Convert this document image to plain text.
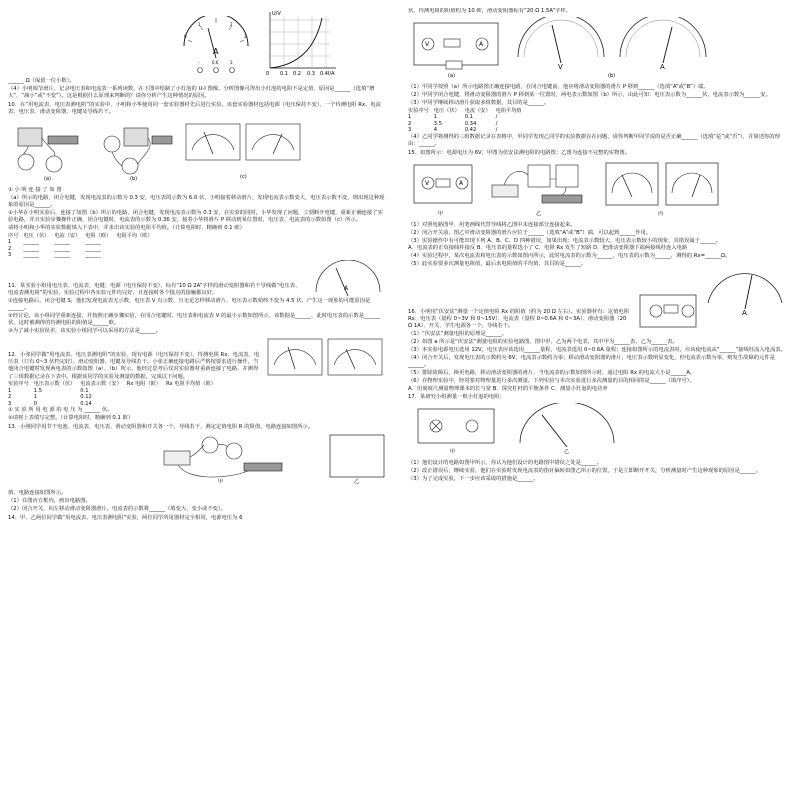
A
0
1	2
3
-	0.6	3
U/V
I/A
0 0.1 0.2 0.3 0.4

______ Ω（保留一位小数）。

（4）小明调节滑片，记录电压表和电流表一系列读数，在下图中绘制了小灯泡的 U-I 图像。分析图像可得出小灯泡的电阻不是定值，原因是______（选填“增大”、“减小”或“不变”）。这是根据什么原理来判断的？请你分析产生这种情况的原因。

10．在“用电流表、电压表测电阻”的实验中，小明和小华使用同一套实验器材先后进行实验。该套实验器材包括电源（电压保持不变）、一个待测电阻 Rx、电流表、电压表、滑动变阻器、电键及导线若干。

(a)	(b)	(c)

① 小 明 连 接 了 如 图

（a）所示的电路，闭合电键，发现电流表的示数为 0.3 安，电压表的示数为 6.0 伏，小明接着移动滑片，发现电流表示数变大，电压表示数不变，则出现这种现象的原因是______。

②小华在小明实验后，连接了如图（b）所示的电路，闭合电键，发现电流表示数为 0.3 安，在实验的同时，小华发现了问题，立刻断开电键，重新正确连接了实验电路，并且实验步骤操作正确，闭合电键时，电流表的示数为 0.36 安，接着小华将滑片 P 移动到某位置时，电压表、电流表的示数如图（c）所示。

请将小明和小华的实验数据填入下表中，并求出该实验的电阻平均值。（计算电阻时，精确到 0.1 欧）

序号	电压（伏）	电流（安）	电阻（欧）	电阻平均（欧）
1	______	______	______	
2	______	______	______	
3	______	______	______	

11．某实验小组用电压表、电流表、电键、电源（电压保持不变）、标有“10 Ω 2A”字样的滑动变阻器和若干导线做“电压表、电流表测电阻”的实验，实验过程中各实验元件均完好，且连接时各个接点的接触都良好。

A

①连接电路后，闭合电键 S，他们发现电流表无示数，电压表 V 有示数，且无论怎样移动滑片，电压表示数始终不变为 4.5 伏，产生这一现象的可能原因是______。

②经讨论，该小组同学重新连接，并按照正确步骤实验，在闭合电键时，电压表和电流表 V 的最小示数如图所示，该数据是______，此时电压表的示数是______伏，这时被测得的待测电阻的阻值是______欧。

③为了减小实验误差，该实验小组同学可以采用的方法是______。

12．小张同学做“用电流表、电压表测电阻”的实验，现有电源（电压保持不变）、待测电阻 Rx、电流表、电压表（只有 0~3 伏档完好）、滑动变阻器、电键及导线若干。小张正确连接电路后严格按要求进行操作，当他闭合电键时发现两电表的示数如图（a）、（b）所示，他经过思考后仅对实验器材重新连接了电路，并测得了三组数据记录在下表中。根据该同学的实验及测量的数据，完成以下问题。

实验序号	电压表示数（伏）	电流表示数（安）	Rx 电阻（欧）	Rx 电阻平均值（欧）
1	1.5	0.1		
2	1	0.12		
3	0	0.14		

① 实 验 所 用 电 源 的 电 压 为 ______ 伏。

②请将上表填写完整。（计算电阻时，精确到 0.1 欧）

13．小刚同学用节干电池、电流表、电压表、滑动变阻器和开关各一个，导线若干，测定定值电阻 R 的阻值，电路连接如图所示。

甲	乙

值，电路连接如图所示。

（1）在图丙方框内，画出电路图。

（2）闭合开关，向左移动滑动变阻器滑片，电流表的示数将______（填变大、变小或不变）。

14．甲、乙两位同学做“用电流表、电压表测电阻”实验，两位同学所用器材完全相同，电源电压为 6

伏，待测电阻的阻值约为 10 欧，滑动变阻器标有“20 Ω 1.5A”字样。

V	A
(a)
V	A
(b)

（1）甲同学按照（a）所示电路图正确连接电路，在闭合电键前，他应将滑动变阻器的滑片 P 移到______（选填“A”或“B”）端。

（2）甲同学闭合电键，将滑动变阻器的滑片 P 移到某一位置时，两电表示数如图（b）所示，由此可知：电压表示数为______伏，电流表示数为______安。

（3）甲同学继续移动滑片获取多组数据，其目的是______。

实验序号	电压（伏）	电流（安）	电阻平均值
1	1	0.1	/
2	3.5	0.34	/
3	4	0.42	/

（4）乙同学将测得的三组数据记录在表格中，甲同学发现乙同学的实验数据存在问题，请你判断甲同学说的是否正确______（选填“是”或“否”），并简述你的理由：______。

15．如图所示：电源电压为 6V，甲图为伏安法测电阻的电路图；乙图为连接不完整的实物图。

V	A
甲	乙	丙

（1）对照电路图甲，用笔画线代替导线将乙图中未连接部分连接起来。

（2）闭合开关前，图乙中滑动变阻器的滑片应位于______（选填“A”或“B”）端，可以起到______作用。

（3）实验操作中有可能出现下列 A、B、C、D 四种错误，如果出现：电流表示数较大，电压表示数较小的现象，其错误属于______。

A．电流表的正负接线柱接反 B．电压表的量程选小了 C．电阻 Rx 发生了短路 D．把滑动变阻器下端两接线柱连入电路

（4）实验过程中，某次电流表和电压表的示数如图丙所示，此时电流表的示数为______，电压表的示数为______，测得的 Rx=______Ω。

（5）此实验要多次测量电阻值，最后求电阻值的平均值，其目的是______。

16．小明用“伏安法”测量一个定值电阻 Rx 的阻值（约为 20 Ω 左右）。实验器材有：定值电阻 Rx、电压表（量程 0~3V 和 0~15V）、电流表（量程 0~0.6A 和 0~3A）、滑动变阻器（20 Ω 1A）、开关、学生电源各一个，导线若干。

A

（1）“伏安法”测量电阻的原理是______。

（2）如图 a 所示是“伏安法”测量电阻的实验电路图，图中甲、乙为两个电表，其中甲为______表，乙为______表。

（3）本实验电源电压选用 12V，电压表应该选用______量程，电流表选用 0~0.6A 量程；连接如图所示的电流表时，应该使电流从“______”接线柱流入电流表。

（4）闭合开关后，发现电压表的示数约为 6V，电流表示数约为零；移动滑动变阻器的滑片，电压表示数明显变化，但电流表示数为零，则发生故障的元件是______。

（5）排除故障后，换更电路，移动滑动变阻器的滑片，当电流表的示数如图所示时，通过电阻 Rx 的电流大小是______A。

（6）在物理实验中，经常要对物理量进行多次测量，下列实验与本次实验进行多次测量的目的相同的是______（填序号）。

A．用刻度尺测量物理课本的长与宽 B．探究杠杆的平衡条件 C．测量小灯泡的电功率

17．某研究小组测量一根小灯泡的电阻：

甲	乙

（1）他们设计的电路如图甲所示，你认为他们设计的电路图中错误之处是______。

（2）改正错误后，继续实验，他们在实验时发现电流表的指针偏转如图乙所示的位置，于是立即断开开关，分析测量时产生这种现象的原因是______。

（3）为了完成实验，下一步应该采取的措施是______。
